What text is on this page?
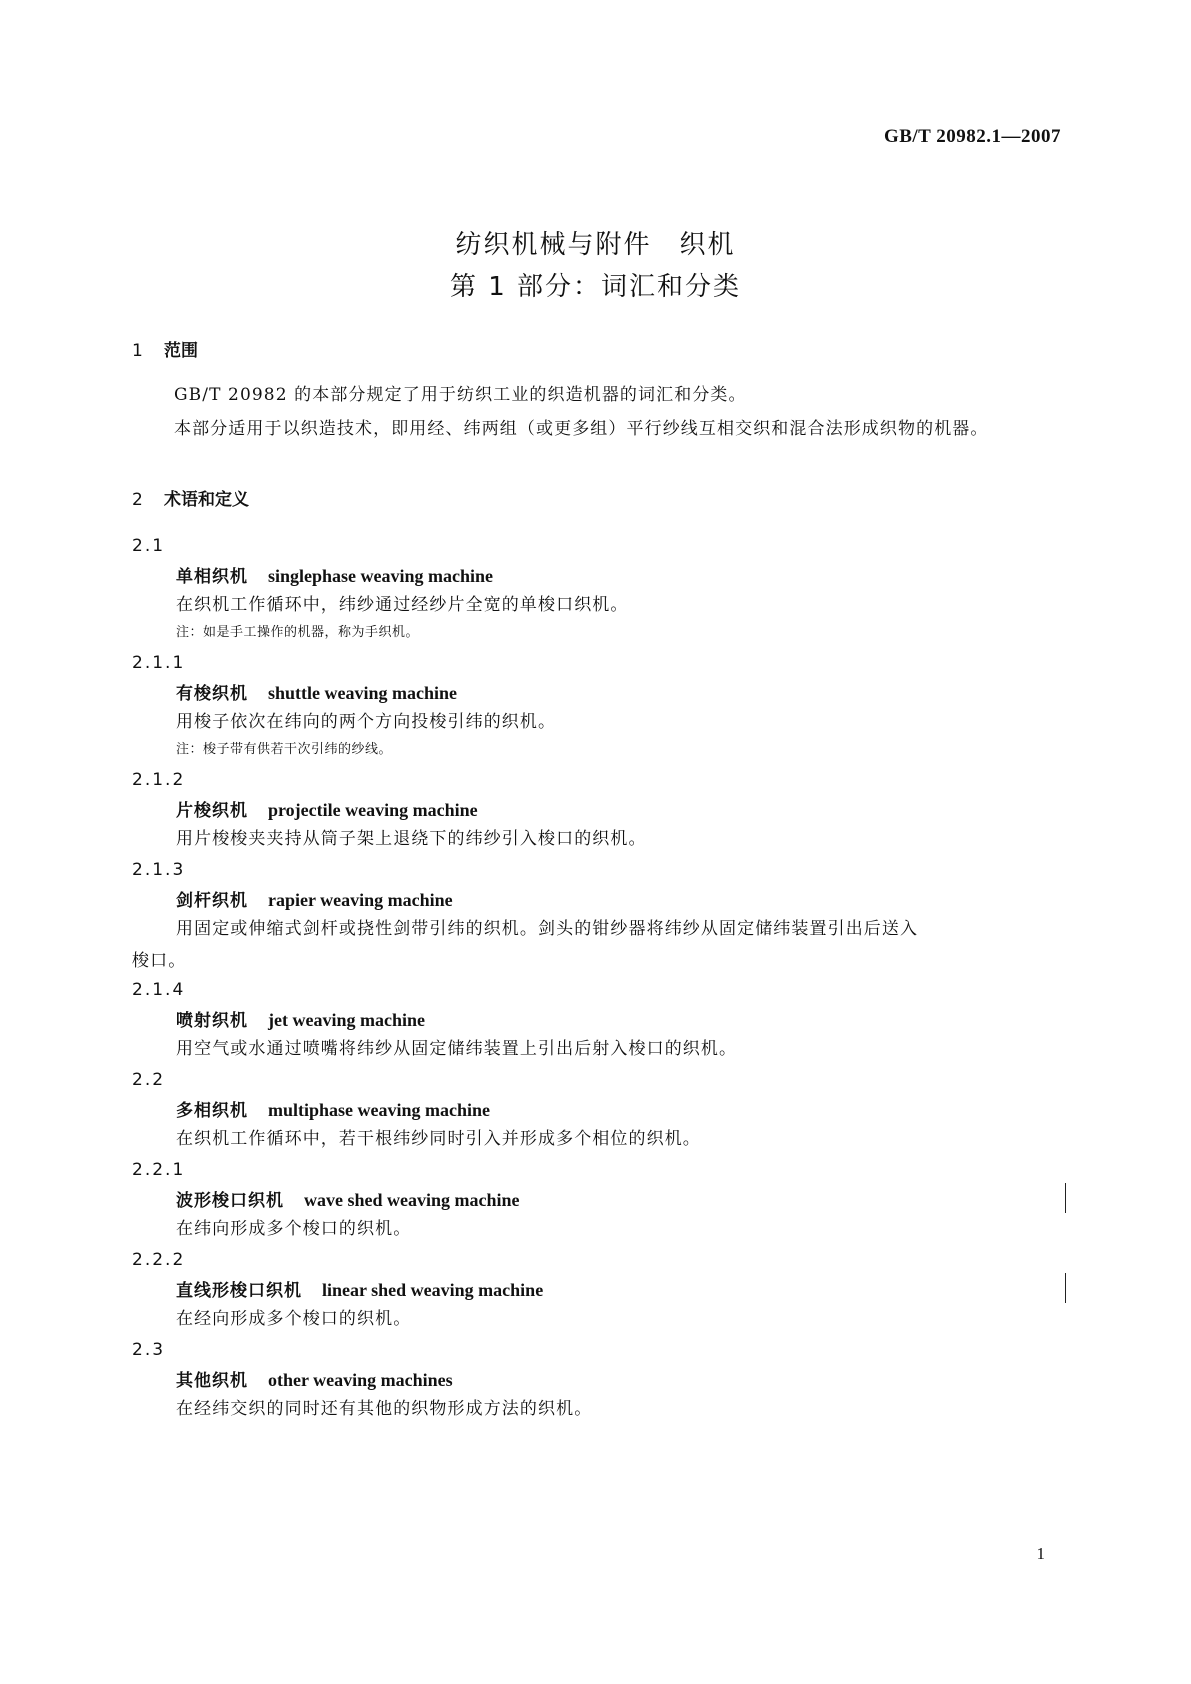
GB/T 20982.1—2007
纺织机械与附件　织机
第 1 部分：词汇和分类
1 范围
GB/T 20982 的本部分规定了用于纺织工业的织造机器的词汇和分类。
本部分适用于以织造技术，即用经、纬两组（或更多组）平行纱线互相交织和混合法形成织物的机器。
2 术语和定义
2.1
单相织机 singlephase weaving machine
在织机工作循环中，纬纱通过经纱片全宽的单梭口织机。
注：如是手工操作的机器，称为手织机。
2.1.1
有梭织机 shuttle weaving machine
用梭子依次在纬向的两个方向投梭引纬的织机。
注：梭子带有供若干次引纬的纱线。
2.1.2
片梭织机 projectile weaving machine
用片梭梭夹夹持从筒子架上退绕下的纬纱引入梭口的织机。
2.1.3
剑杆织机 rapier weaving machine
用固定或伸缩式剑杆或挠性剑带引纬的织机。剑头的钳纱器将纬纱从固定储纬装置引出后送入
梭口。
2.1.4
喷射织机 jet weaving machine
用空气或水通过喷嘴将纬纱从固定储纬装置上引出后射入梭口的织机。
2.2
多相织机 multiphase weaving machine
在织机工作循环中，若干根纬纱同时引入并形成多个相位的织机。
2.2.1
波形梭口织机 wave shed weaving machine
在纬向形成多个梭口的织机。
2.2.2
直线形梭口织机 linear shed weaving machine
在经向形成多个梭口的织机。
2.3
其他织机 other weaving machines
在经纬交织的同时还有其他的织物形成方法的织机。
1
